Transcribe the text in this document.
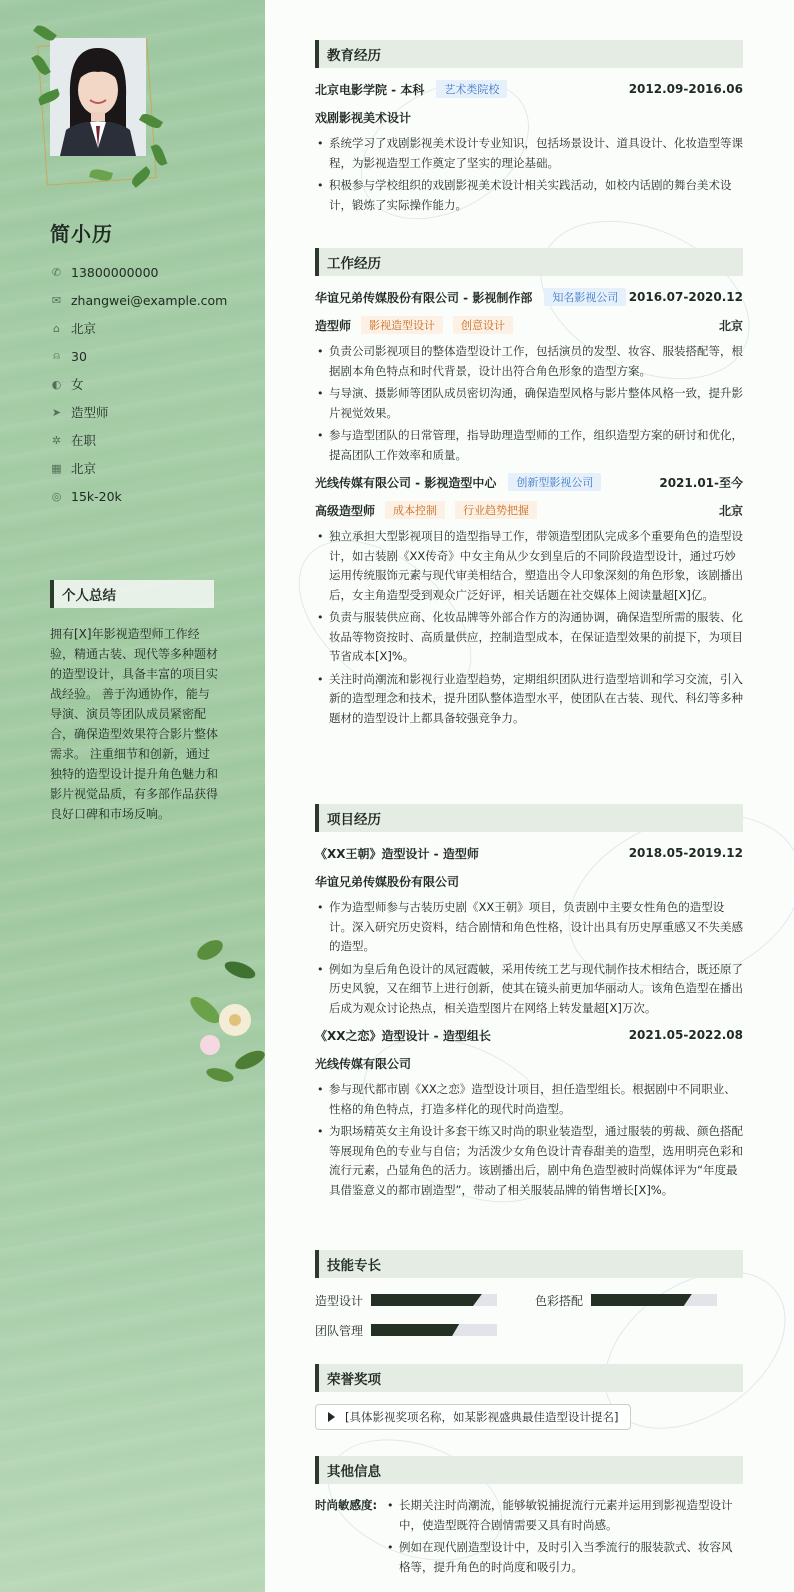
简小历
✆ 13800000000
✉ zhangwei@example.com
⌂ 北京
⍝ 30
◐ 女
➤ 造型师
✲ 在职
▦ 北京
◎ 15k-20k
个人总结
拥有[X]年影视造型师工作经验，精通古装、现代等多种题材的造型设计，具备丰富的项目实战经验。 善于沟通协作，能与导演、演员等团队成员紧密配合，确保造型效果符合影片整体需求。 注重细节和创新，通过独特的造型设计提升角色魅力和影片视觉品质，有多部作品获得良好口碑和市场反响。
教育经历
北京电影学院 - 本科	艺术类院校	2012.09-2016.06
戏剧影视美术设计
• 系统学习了戏剧影视美术设计专业知识，包括场景设计、道具设计、化妆造型等课程，为影视造型工作奠定了坚实的理论基础。
• 积极参与学校组织的戏剧影视美术设计相关实践活动，如校内话剧的舞台美术设计，锻炼了实际操作能力。
工作经历
华谊兄弟传媒股份有限公司 - 影视制作部	知名影视公司 2016.07-2020.12
造型师	影视造型设计	创意设计	北京
• 负责公司影视项目的整体造型设计工作，包括演员的发型、妆容、服装搭配等，根据剧本角色特点和时代背景，设计出符合角色形象的造型方案。
• 与导演、摄影师等团队成员密切沟通，确保造型风格与影片整体风格一致，提升影片视觉效果。
• 参与造型团队的日常管理，指导助理造型师的工作，组织造型方案的研讨和优化，提高团队工作效率和质量。
光线传媒有限公司 - 影视造型中心	创新型影视公司	2021.01-至今
高级造型师	成本控制	行业趋势把握	北京
• 独立承担大型影视项目的造型指导工作，带领造型团队完成多个重要角色的造型设计，如古装剧《XX传奇》中女主角从少女到皇后的不同阶段造型设计，通过巧妙运用传统服饰元素与现代审美相结合，塑造出令人印象深刻的角色形象，该剧播出后，女主角造型受到观众广泛好评，相关话题在社交媒体上阅读量超[X]亿。
• 负责与服装供应商、化妆品牌等外部合作方的沟通协调，确保造型所需的服装、化妆品等物资按时、高质量供应，控制造型成本，在保证造型效果的前提下，为项目节省成本[X]%。
• 关注时尚潮流和影视行业造型趋势，定期组织团队进行造型培训和学习交流，引入新的造型理念和技术，提升团队整体造型水平，使团队在古装、现代、科幻等多种题材的造型设计上都具备较强竞争力。
项目经历
《XX王朝》造型设计 - 造型师	2018.05-2019.12
华谊兄弟传媒股份有限公司
• 作为造型师参与古装历史剧《XX王朝》项目，负责剧中主要女性角色的造型设计。深入研究历史资料，结合剧情和角色性格，设计出具有历史厚重感又不失美感的造型。
• 例如为皇后角色设计的凤冠霞帔，采用传统工艺与现代制作技术相结合，既还原了历史风貌，又在细节上进行创新，使其在镜头前更加华丽动人。该角色造型在播出后成为观众讨论热点，相关造型图片在网络上转发量超[X]万次。
《XX之恋》造型设计 - 造型组长	2021.05-2022.08
光线传媒有限公司
• 参与现代都市剧《XX之恋》造型设计项目，担任造型组长。根据剧中不同职业、性格的角色特点，打造多样化的现代时尚造型。
• 为职场精英女主角设计多套干练又时尚的职业装造型，通过服装的剪裁、颜色搭配等展现角色的专业与自信；为活泼少女角色设计青春甜美的造型，选用明亮色彩和流行元素，凸显角色的活力。该剧播出后，剧中角色造型被时尚媒体评为“年度最具借鉴意义的都市剧造型”，带动了相关服装品牌的销售增长[X]%。
技能专长
造型设计	色彩搭配
团队管理
荣誉奖项
[具体影视奖项名称，如某影视盛典最佳造型设计提名]
其他信息
时尚敏感度:
•	长期关注时尚潮流，能够敏锐捕捉流行元素并运用到影视造型设计中，使造型既符合剧情需要又具有时尚感。
• 例如在现代剧造型设计中，及时引入当季流行的服装款式、妆容风格等，提升角色的时尚度和吸引力。
